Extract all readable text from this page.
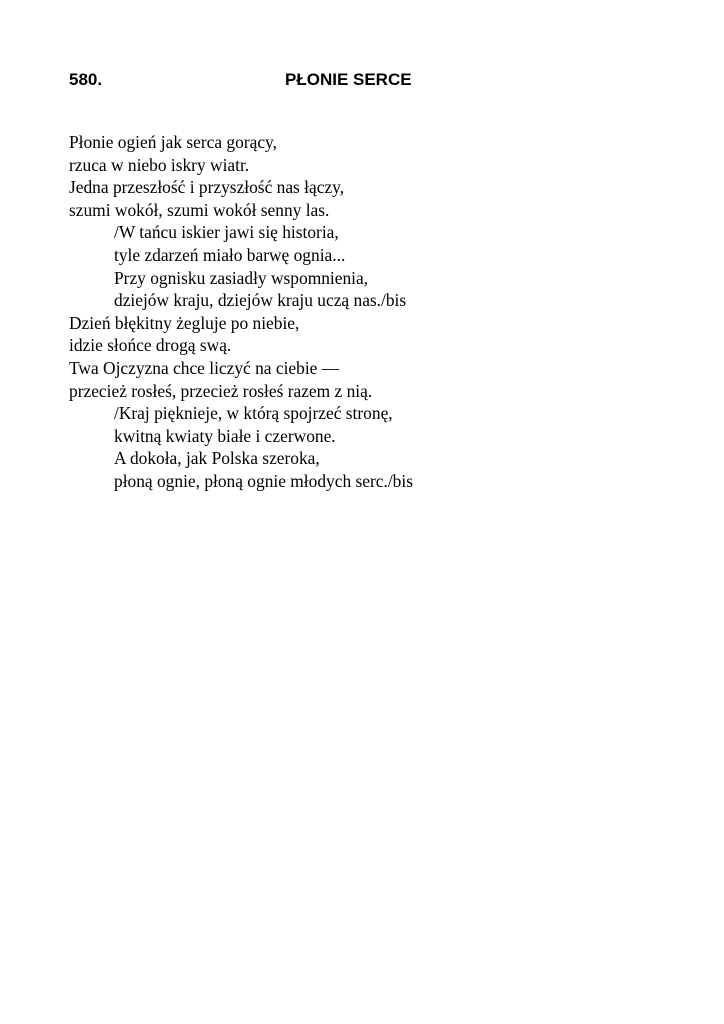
580.	PŁONIE SERCE
Płonie ogień jak serca gorący,
rzuca w niebo iskry wiatr.
Jedna przeszłość i przyszłość nas łączy,
szumi wokół, szumi wokół senny las.
/W tańcu iskier jawi się historia,
tyle zdarzeń miało barwę ognia...
Przy ognisku zasiadły wspomnienia,
dziejów kraju, dziejów kraju uczą nas./bis
Dzień błękitny żegluje po niebie,
idzie słońce drogą swą.
Twa Ojczyzna chce liczyć na ciebie —
przecież rosłeś, przecież rosłeś razem z nią.
/Kraj piękniejе, w którą spojrzeć stronę,
kwitną kwiaty białe i czerwone.
A dokoła, jak Polska szeroka,
płoną ognie, płoną ognie młodych serc./bis
